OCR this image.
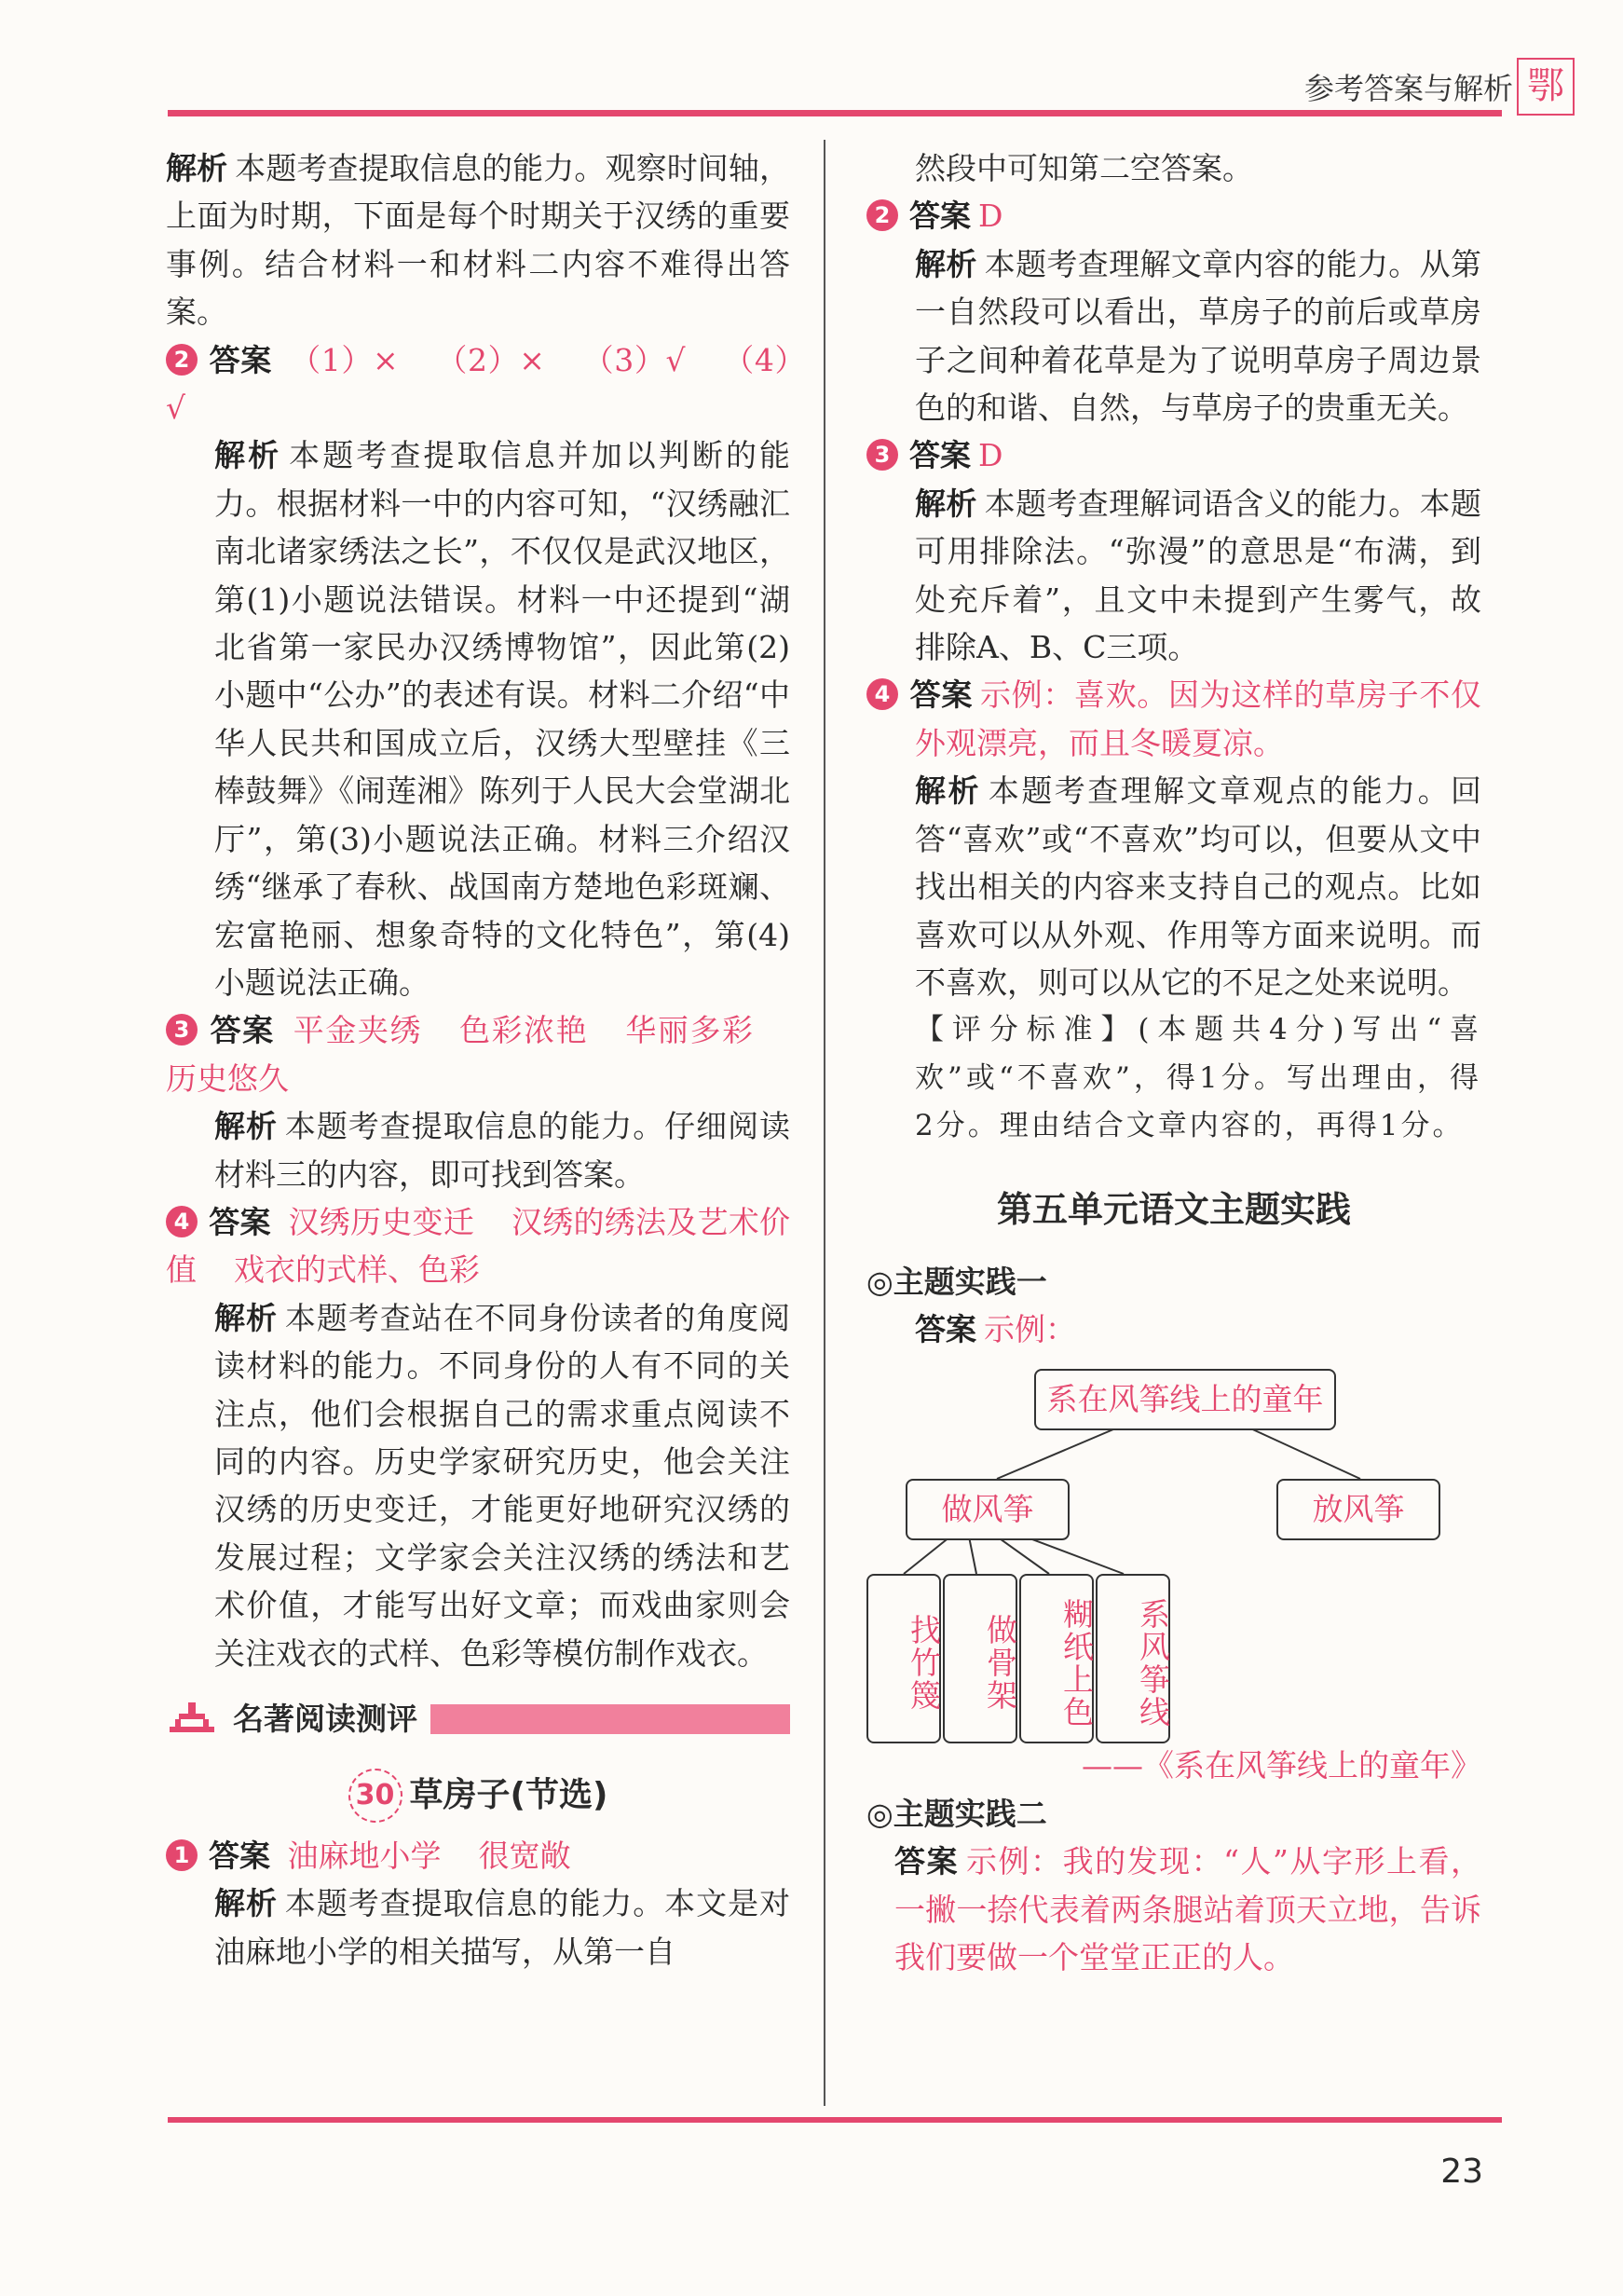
参考答案与解析 鄂

解析 本题考查提取信息的能力。观察时间轴，上面为时期，下面是每个时期关于汉绣的重要事例。结合材料一和材料二内容不难得出答案。

2 答案 （1）× （2）× （3）√ （4）√

解析 本题考查提取信息并加以判断的能力。根据材料一中的内容可知，“汉绣融汇南北诸家绣法之长”，不仅仅是武汉地区，第(1)小题说法错误。材料一中还提到“湖北省第一家民办汉绣博物馆”，因此第(2)小题中“公办”的表述有误。材料二介绍“中华人民共和国成立后，汉绣大型壁挂《三棒鼓舞》《闹莲湘》陈列于人民大会堂湖北厅”，第(3)小题说法正确。材料三介绍汉绣“继承了春秋、战国南方楚地色彩斑斓、宏富艳丽、想象奇特的文化特色”，第(4)小题说法正确。

3 答案 平金夹绣 色彩浓艳 华丽多彩历史悠久

解析 本题考查提取信息的能力。仔细阅读材料三的内容，即可找到答案。

4 答案 汉绣历史变迁 汉绣的绣法及艺术价值 戏衣的式样、色彩

解析 本题考查站在不同身份读者的角度阅读材料的能力。不同身份的人有不同的关注点，他们会根据自己的需求重点阅读不同的内容。历史学家研究历史，他会关注汉绣的历史变迁，才能更好地研究汉绣的发展过程；文学家会关注汉绣的绣法和艺术价值，才能写出好文章；而戏曲家则会关注戏衣的式样、色彩等模仿制作戏衣。

名著阅读测评
30 草房子(节选)

1 答案 油麻地小学 很宽敞

解析 本题考查提取信息的能力。本文是对油麻地小学的相关描写，从第一自

然段中可知第二空答案。

2 答案 D

解析 本题考查理解文章内容的能力。从第一自然段可以看出，草房子的前后或草房子之间种着花草是为了说明草房子周边景色的和谐、自然，与草房子的贵重无关。

3 答案 D

解析 本题考查理解词语含义的能力。本题可用排除法。“弥漫”的意思是“布满，到处充斥着”，且文中未提到产生雾气，故排除A、B、C三项。

4 答案 示例：喜欢。因为这样的草房子不仅外观漂亮，而且冬暖夏凉。

解析 本题考查理解文章观点的能力。回答“喜欢”或“不喜欢”均可以，但要从文中找出相关的内容来支持自己的观点。比如喜欢可以从外观、作用等方面来说明。而不喜欢，则可以从它的不足之处来说明。

【评分标准】(本题共4分)写出“喜欢”或“不喜欢”，得1分。写出理由，得2分。理由结合文章内容的，再得1分。

第五单元语文主题实践

◎主题实践一

答案 示例：

系在风筝线上的童年
做风筝	放风筝
找竹篾	做骨架	糊纸上色	系风筝线
——《系在风筝线上的童年》

◎主题实践二

答案 示例：我的发现：“人”从字形上看，一撇一捺代表着两条腿站着顶天立地，告诉我们要做一个堂堂正正的人。

23
